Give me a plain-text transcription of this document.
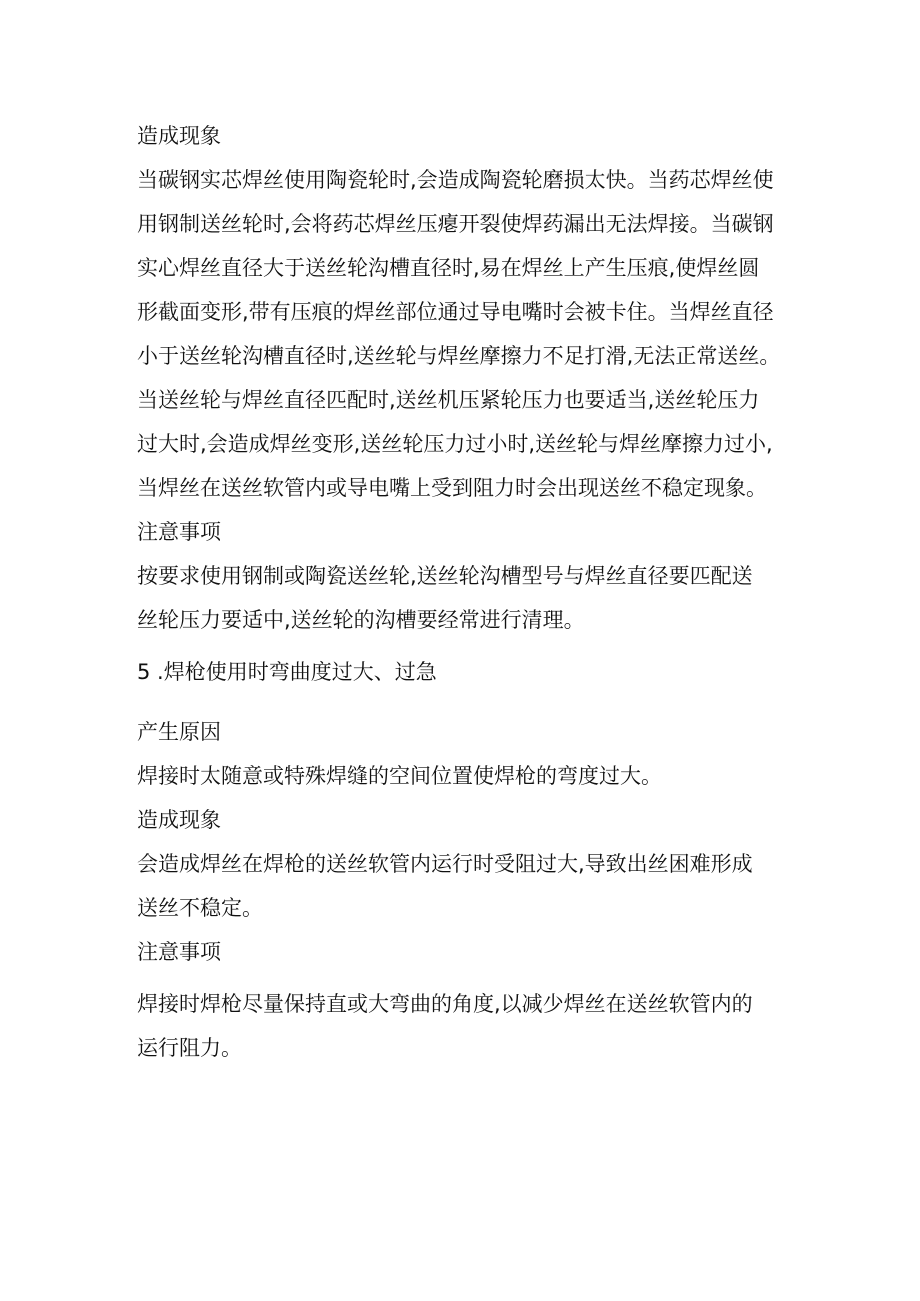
造成现象
当碳钢实芯焊丝使用陶瓷轮时,会造成陶瓷轮磨损太快。当药芯焊丝使
用钢制送丝轮时,会将药芯焊丝压瘪开裂使焊药漏出无法焊接。当碳钢
实心焊丝直径大于送丝轮沟槽直径时,易在焊丝上产生压痕,使焊丝圆
形截面变形,带有压痕的焊丝部位通过导电嘴时会被卡住。当焊丝直径
小于送丝轮沟槽直径时,送丝轮与焊丝摩擦力不足打滑,无法正常送丝。
当送丝轮与焊丝直径匹配时,送丝机压紧轮压力也要适当,送丝轮压力
过大时,会造成焊丝变形,送丝轮压力过小时,送丝轮与焊丝摩擦力过小,
当焊丝在送丝软管内或导电嘴上受到阻力时会出现送丝不稳定现象。
注意事项
按要求使用钢制或陶瓷送丝轮,送丝轮沟槽型号与焊丝直径要匹配送
丝轮压力要适中,送丝轮的沟槽要经常进行清理。
5 .焊枪使用时弯曲度过大、过急
产生原因
焊接时太随意或特殊焊缝的空间位置使焊枪的弯度过大。
造成现象
会造成焊丝在焊枪的送丝软管内运行时受阻过大,导致出丝困难形成
送丝不稳定。
注意事项
焊接时焊枪尽量保持直或大弯曲的角度,以减少焊丝在送丝软管内的
运行阻力。
